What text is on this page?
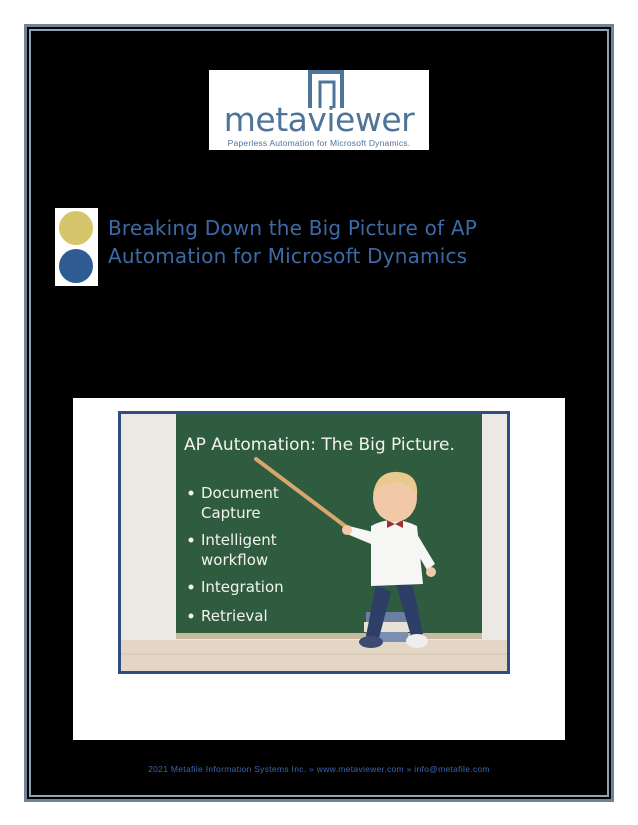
metaviewer
Paperless Automation for Microsoft Dynamics.
Breaking Down the Big Picture of AP
Automation for Microsoft Dynamics
AP Automation: The Big Picture.
Document
Capture
Intelligent
workflow
Integration
Retrieval
2021 Metafile Information Systems Inc. » www.metaviewer.com » info@metafile.com
